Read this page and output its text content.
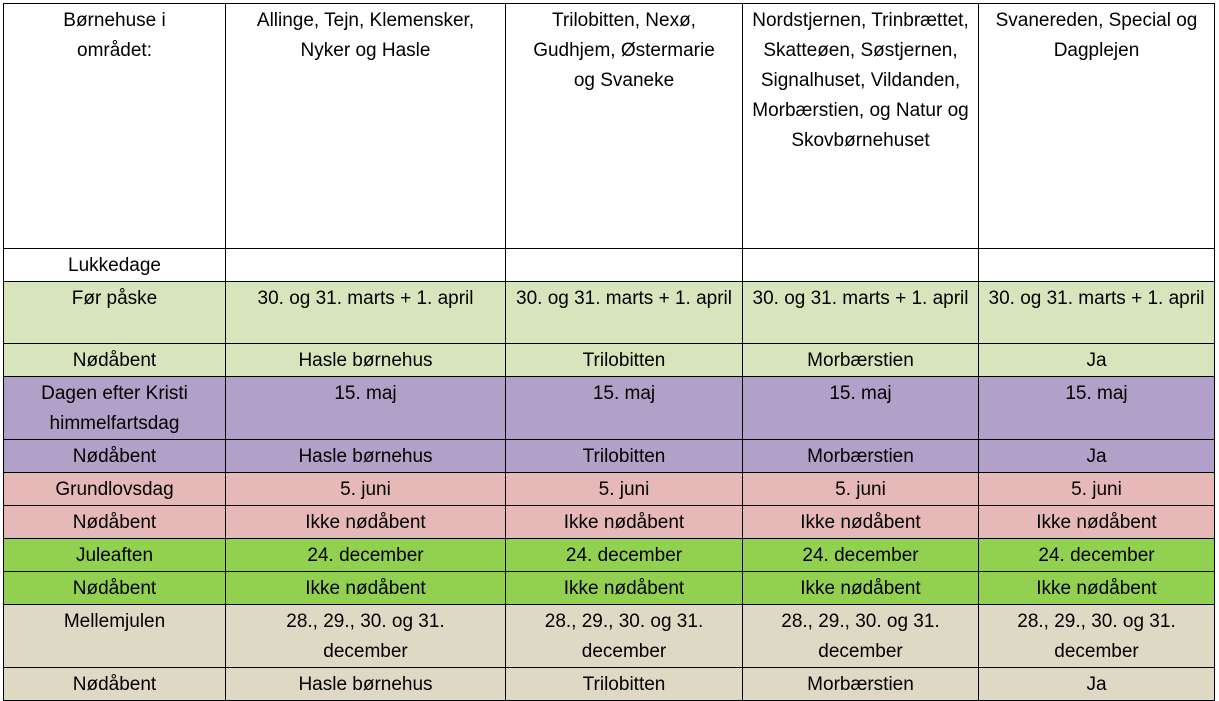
Børnehuse i området:	Allinge, Tejn, Klemensker, Nyker og Hasle	Trilobitten, Nexø, Gudhjem, Østermarie og Svaneke	Nordstjernen, Trinbrættet, Skatteøen, Søstjernen, Signalhuset, Vildanden, Morbærstien, og Natur og Skovbørnehuset	Svanereden, Special og Dagplejen
Lukkedage				
Før påske	30. og 31. marts + 1. april	30. og 31. marts + 1. april	30. og 31. marts + 1. april	30. og 31. marts + 1. april
Nødåbent	Hasle børnehus	Trilobitten	Morbærstien	Ja
Dagen efter Kristi himmelfartsdag	15. maj	15. maj	15. maj	15. maj
Nødåbent	Hasle børnehus	Trilobitten	Morbærstien	Ja
Grundlovsdag	5. juni	5. juni	5. juni	5. juni
Nødåbent	Ikke nødåbent	Ikke nødåbent	Ikke nødåbent	Ikke nødåbent
Juleaften	24. december	24. december	24. december	24. december
Nødåbent	Ikke nødåbent	Ikke nødåbent	Ikke nødåbent	Ikke nødåbent
Mellemjulen	28., 29., 30. og 31. december	28., 29., 30. og 31. december	28., 29., 30. og 31. december	28., 29., 30. og 31. december
Nødåbent	Hasle børnehus	Trilobitten	Morbærstien	Ja
